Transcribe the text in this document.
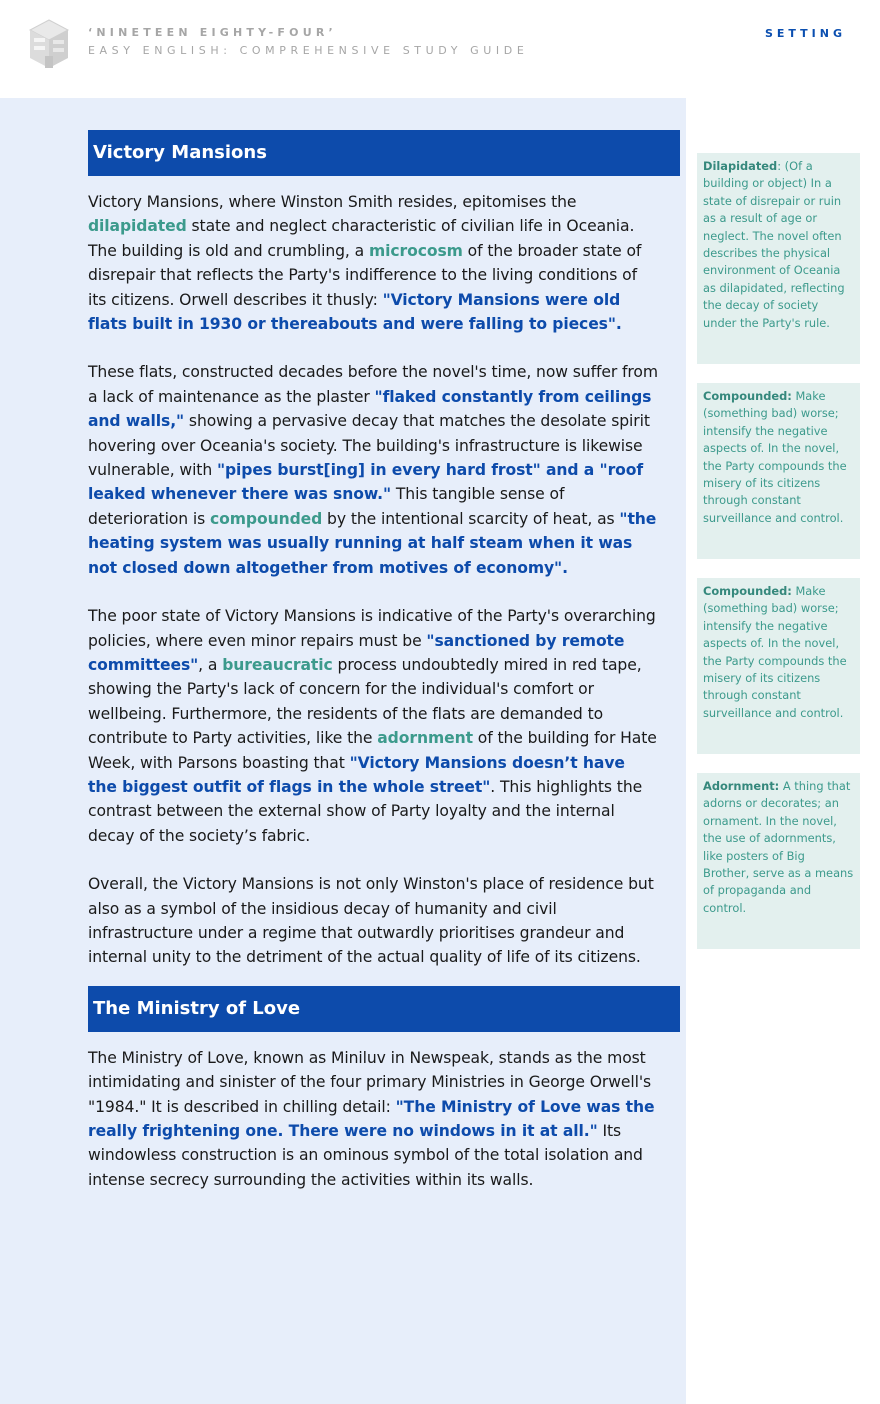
‘NINETEEN EIGHTY-FOUR’
EASY ENGLISH: COMPREHENSIVE STUDY GUIDE
SETTING
Victory Mansions

Victory Mansions, where Winston Smith resides, epitomises the dilapidated state and neglect characteristic of civilian life in Oceania. The building is old and crumbling, a microcosm of the broader state of disrepair that reflects the Party's indifference to the living conditions of its citizens. Orwell describes it thusly: "Victory Mansions were old flats built in 1930 or thereabouts and were falling to pieces".

These flats, constructed decades before the novel's time, now suffer from a lack of maintenance as the plaster "flaked constantly from ceilings and walls," showing a pervasive decay that matches the desolate spirit hovering over Oceania's society. The building's infrastructure is likewise vulnerable, with "pipes burst[ing] in every hard frost" and a "roof leaked whenever there was snow." This tangible sense of deterioration is compounded by the intentional scarcity of heat, as "the heating system was usually running at half steam when it was not closed down altogether from motives of economy".

The poor state of Victory Mansions is indicative of the Party's overarching policies, where even minor repairs must be "sanctioned by remote committees", a bureaucratic process undoubtedly mired in red tape, showing the Party's lack of concern for the individual's comfort or wellbeing. Furthermore, the residents of the flats are demanded to contribute to Party activities, like the adornment of the building for Hate Week, with Parsons boasting that "Victory Mansions doesn’t have the biggest outfit of flags in the whole street". This highlights the contrast between the external show of Party loyalty and the internal decay of the society’s fabric.

Overall, the Victory Mansions is not only Winston's place of residence but also as a symbol of the insidious decay of humanity and civil infrastructure under a regime that outwardly prioritises grandeur and internal unity to the detriment of the actual quality of life of its citizens.

The Ministry of Love

The Ministry of Love, known as Miniluv in Newspeak, stands as the most intimidating and sinister of the four primary Ministries in George Orwell's "1984." It is described in chilling detail: "The Ministry of Love was the really frightening one. There were no windows in it at all." Its windowless construction is an ominous symbol of the total isolation and intense secrecy surrounding the activities within its walls.

Dilapidated: (Of a building or object) In a state of disrepair or ruin as a result of age or neglect. The novel often describes the physical environment of Oceania as dilapidated, reflecting the decay of society under the Party's rule.
Compounded: Make (something bad) worse; intensify the negative aspects of. In the novel, the Party compounds the misery of its citizens through constant surveillance and control.
Compounded: Make (something bad) worse; intensify the negative aspects of. In the novel, the Party compounds the misery of its citizens through constant surveillance and control.
Adornment: A thing that adorns or decorates; an ornament. In the novel, the use of adornments, like posters of Big Brother, serve as a means of propaganda and control.
